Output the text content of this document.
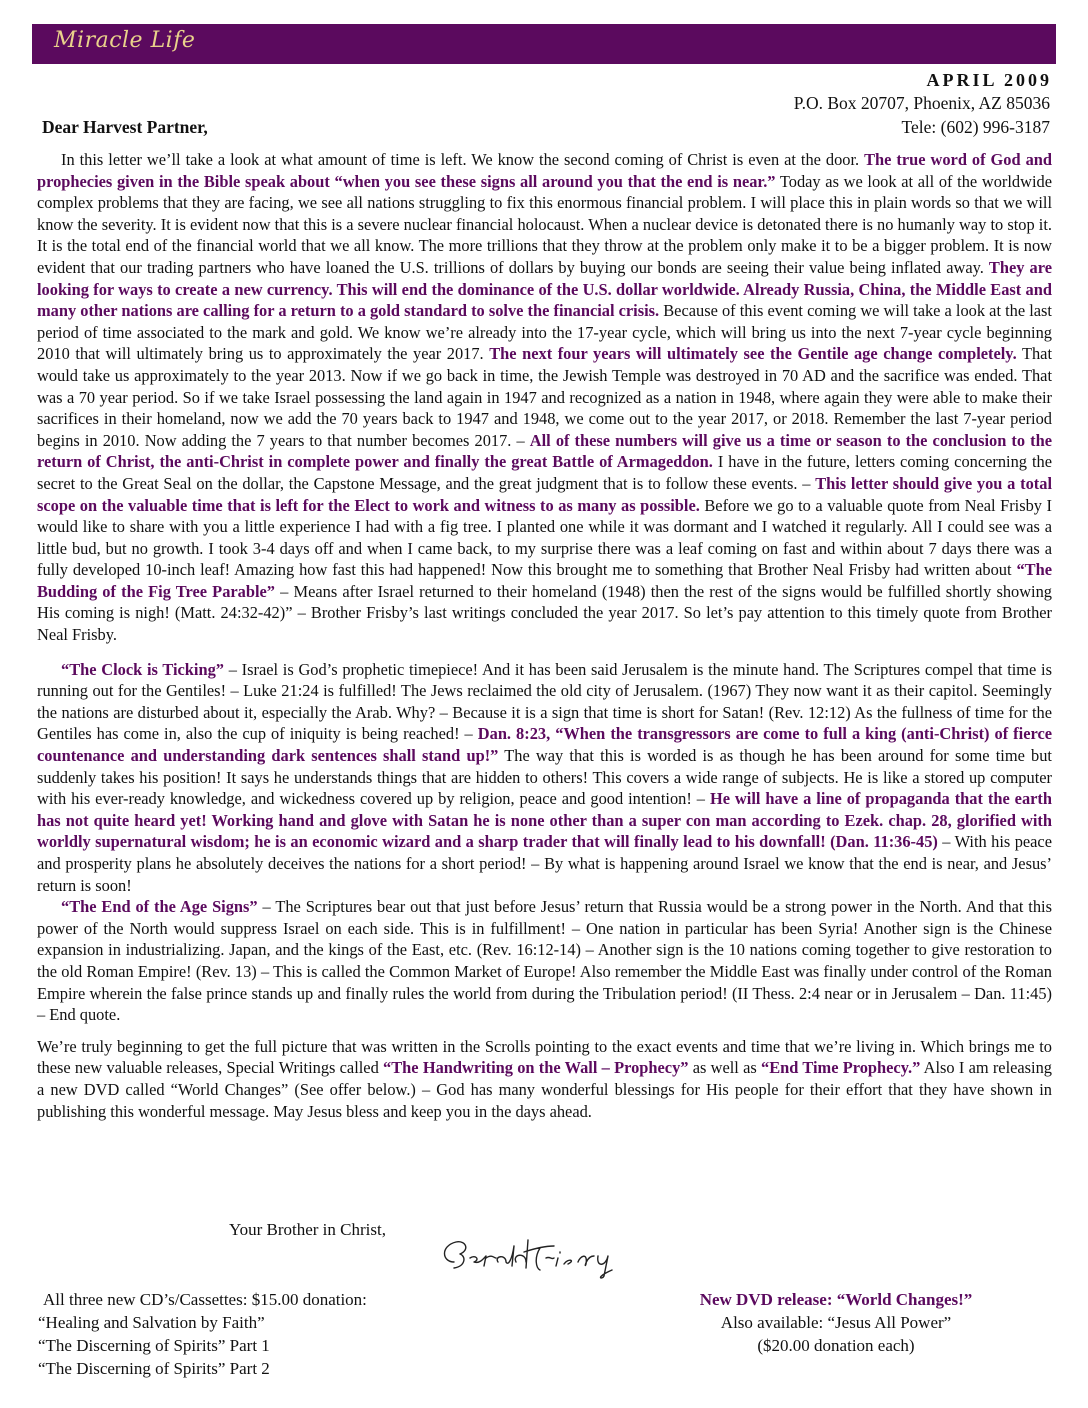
Miracle Life
APRIL 2009
P.O. Box 20707, Phoenix, AZ 85036
Tele: (602) 996-3187
Dear Harvest Partner,

In this letter we’ll take a look at what amount of time is left. We know the second coming of Christ is even at the door. The true word of God and prophecies given in the Bible speak about “when you see these signs all around you that the end is near.” Today as we look at all of the worldwide complex problems that they are facing, we see all nations struggling to fix this enormous financial problem. I will place this in plain words so that we will know the severity. It is evident now that this is a severe nuclear financial holocaust. When a nuclear device is detonated there is no humanly way to stop it. It is the total end of the financial world that we all know. The more trillions that they throw at the problem only make it to be a bigger problem. It is now evident that our trading partners who have loaned the U.S. trillions of dollars by buying our bonds are seeing their value being inflated away. They are looking for ways to create a new currency. This will end the dominance of the U.S. dollar worldwide. Already Russia, China, the Middle East and many other nations are calling for a return to a gold standard to solve the financial crisis. Because of this event coming we will take a look at the last period of time associated to the mark and gold. We know we’re already into the 17-year cycle, which will bring us into the next 7-year cycle beginning 2010 that will ultimately bring us to approximately the year 2017. The next four years will ultimately see the Gentile age change completely. That would take us approximately to the year 2013. Now if we go back in time, the Jewish Temple was destroyed in 70 AD and the sacrifice was ended. That was a 70 year period. So if we take Israel possessing the land again in 1947 and recognized as a nation in 1948, where again they were able to make their sacrifices in their homeland, now we add the 70 years back to 1947 and 1948, we come out to the year 2017, or 2018. Remember the last 7-year period begins in 2010. Now adding the 7 years to that number becomes 2017. – All of these numbers will give us a time or season to the conclusion to the return of Christ, the anti-Christ in complete power and finally the great Battle of Armageddon. I have in the future, letters coming concerning the secret to the Great Seal on the dollar, the Capstone Message, and the great judgment that is to follow these events. – This letter should give you a total scope on the valuable time that is left for the Elect to work and witness to as many as possible. Before we go to a valuable quote from Neal Frisby I would like to share with you a little experience I had with a fig tree. I planted one while it was dormant and I watched it regularly. All I could see was a little bud, but no growth. I took 3-4 days off and when I came back, to my surprise there was a leaf coming on fast and within about 7 days there was a fully developed 10-inch leaf! Amazing how fast this had happened! Now this brought me to something that Brother Neal Frisby had written about “The Budding of the Fig Tree Parable” – Means after Israel returned to their homeland (1948) then the rest of the signs would be fulfilled shortly showing His coming is nigh! (Matt. 24:32-42)” – Brother Frisby’s last writings concluded the year 2017. So let’s pay attention to this timely quote from Brother Neal Frisby.

“The Clock is Ticking” – Israel is God’s prophetic timepiece! And it has been said Jerusalem is the minute hand. The Scriptures compel that time is running out for the Gentiles! – Luke 21:24 is fulfilled! The Jews reclaimed the old city of Jerusalem. (1967) They now want it as their capitol. Seemingly the nations are disturbed about it, especially the Arab. Why? – Because it is a sign that time is short for Satan! (Rev. 12:12) As the fullness of time for the Gentiles has come in, also the cup of iniquity is being reached! – Dan. 8:23, “When the transgressors are come to full a king (anti-Christ) of fierce countenance and understanding dark sentences shall stand up!” The way that this is worded is as though he has been around for some time but suddenly takes his position! It says he understands things that are hidden to others! This covers a wide range of subjects. He is like a stored up computer with his ever-ready knowledge, and wickedness covered up by religion, peace and good intention! – He will have a line of propaganda that the earth has not quite heard yet! Working hand and glove with Satan he is none other than a super con man according to Ezek. chap. 28, glorified with worldly supernatural wisdom; he is an economic wizard and a sharp trader that will finally lead to his downfall! (Dan. 11:36-45) – With his peace and prosperity plans he absolutely deceives the nations for a short period! – By what is happening around Israel we know that the end is near, and Jesus’ return is soon!

“The End of the Age Signs” – The Scriptures bear out that just before Jesus’ return that Russia would be a strong power in the North. And that this power of the North would suppress Israel on each side. This is in fulfillment! – One nation in particular has been Syria! Another sign is the Chinese expansion in industrializing. Japan, and the kings of the East, etc. (Rev. 16:12-14) – Another sign is the 10 nations coming together to give restoration to the old Roman Empire! (Rev. 13) – This is called the Common Market of Europe! Also remember the Middle East was finally under control of the Roman Empire wherein the false prince stands up and finally rules the world from during the Tribulation period! (II Thess. 2:4 near or in Jerusalem – Dan. 11:45) – End quote.

We’re truly beginning to get the full picture that was written in the Scrolls pointing to the exact events and time that we’re living in. Which brings me to these new valuable releases, Special Writings called “The Handwriting on the Wall – Prophecy” as well as “End Time Prophecy.” Also I am releasing a new DVD called “World Changes” (See offer below.) – God has many wonderful blessings for His people for their effort that they have shown in publishing this wonderful message. May Jesus bless and keep you in the days ahead.

Your Brother in Christ,
All three new CD’s/Cassettes: $15.00 donation:
“Healing and Salvation by Faith”
“The Discerning of Spirits” Part 1
“The Discerning of Spirits” Part 2
New DVD release: “World Changes!”
Also available: “Jesus All Power”
($20.00 donation each)
